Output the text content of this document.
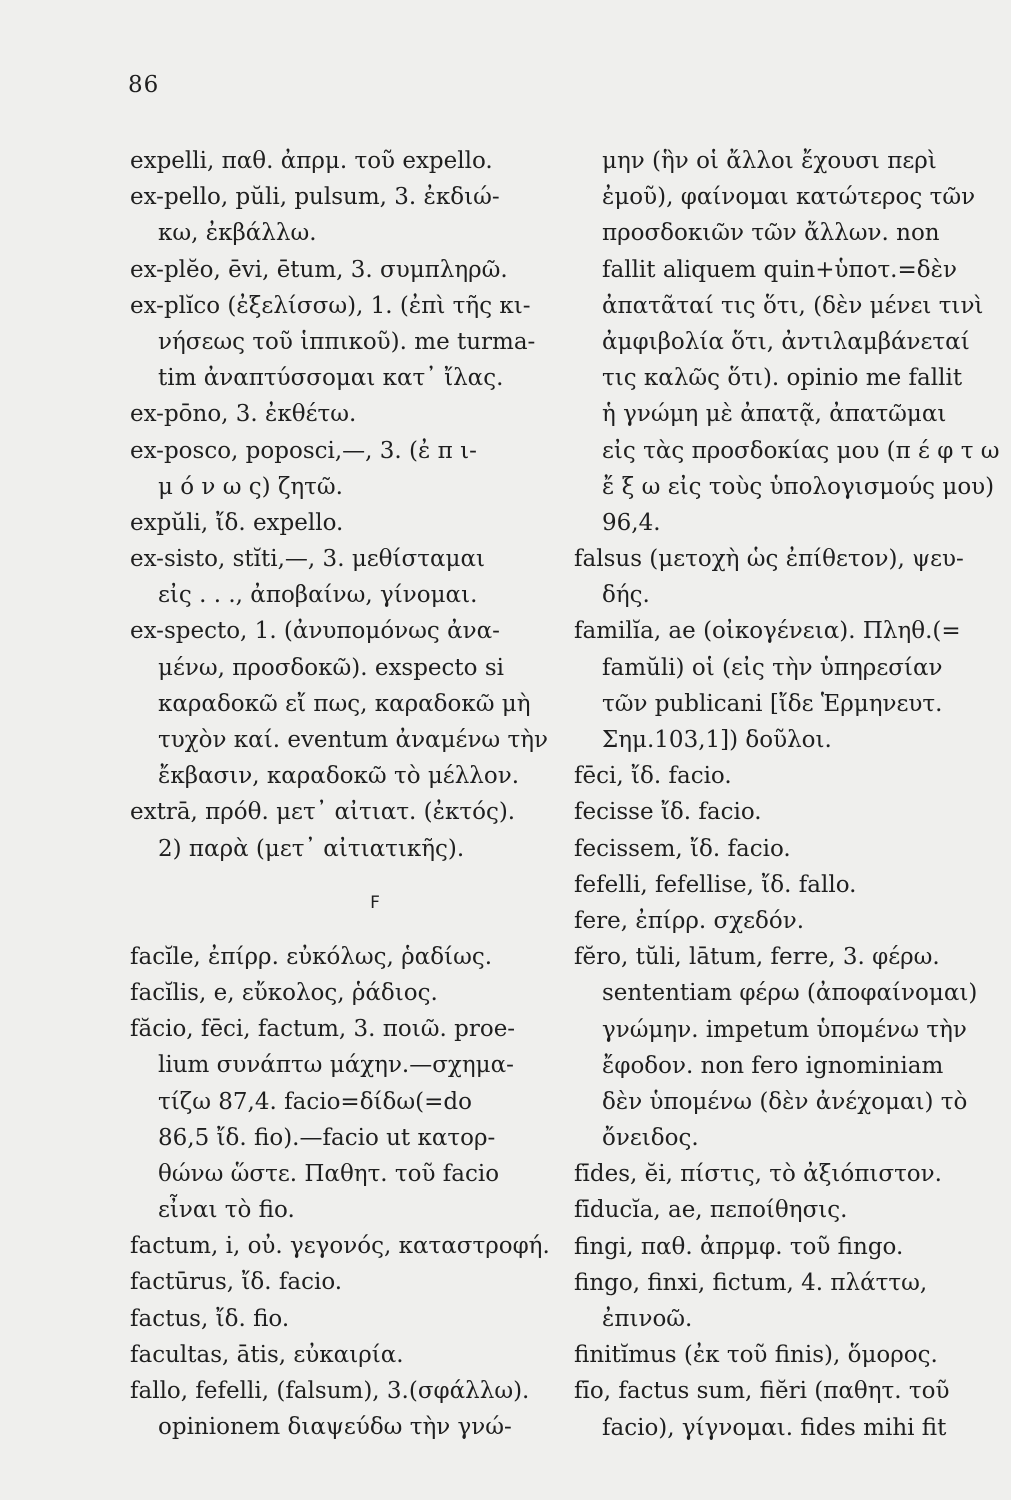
86
expelli, παθ. ἀπρμ. τοῦ expello.
ex-pello, pŭli, pulsum, 3. ἐκδιώ-
κω, ἐκβάλλω.
ex-plĕo, ēvi, ētum, 3. συμπληρῶ.
ex-plĭco (ἐξελίσσω), 1. (ἐπὶ τῆς κι-
νήσεως τοῦ ἱππικοῦ). me turma-
tim ἀναπτύσσομαι κατ᾿ ἴλας.
ex-pōno, 3. ἐκθέτω.
ex-posco, poposci,—, 3. (ἐ π ι-
μ ό ν ω ς) ζητῶ.
expŭli, ἴδ. expello.
ex-sisto, stĭti,—, 3. μεθίσταμαι
εἰς . . ., ἀποβαίνω, γίνομαι.
ex-specto, 1. (ἀνυπομόνως ἀνα-
μένω, προσδοκῶ). exspecto si
καραδοκῶ εἴ πως, καραδοκῶ μὴ
τυχὸν καί. eventum ἀναμένω τὴν
ἔκβασιν, καραδοκῶ τὸ μέλλον.
extrā, πρόθ. μετ᾿ αἰτιατ. (ἐκτός).
2) παρὰ (μετ᾿ αἰτιατικῆς).
F
facĭle, ἐπίρρ. εὐκόλως, ῥαδίως.
facĭlis, e, εὔκολος, ῥάδιος.
făcio, fēci, factum, 3. ποιῶ. proe-
lium συνάπτω μάχην.—σχημα-
τίζω 87,4. facio=δίδω(=do
86,5 ἴδ. fio).—facio ut κατορ-
θώνω ὥστε. Παθητ. τοῦ facio
εἶναι τὸ fio.
factum, i, οὐ. γεγονός, καταστροφή.
factūrus, ἴδ. facio.
factus, ἴδ. fio.
facultas, ātis, εὐκαιρία.
fallo, fefelli, (falsum), 3.(σφάλλω).
opinionem διαψεύδω τὴν γνώ-
μην (ἣν οἱ ἄλλοι ἔχουσι περὶ
ἐμοῦ), φαίνομαι κατώτερος τῶν
προσδοκιῶν τῶν ἄλλων. non
fallit aliquem quin+ὑποτ.=δὲν
ἀπατᾶταί τις ὅτι, (δὲν μένει τινὶ
ἀμφιβολία ὅτι, ἀντιλαμβάνεταί
τις καλῶς ὅτι). opinio me fallit
ἡ γνώμη μὲ ἀπατᾷ, ἀπατῶμαι
εἰς τὰς προσδοκίας μου (π έ φ τ ω
ἔ ξ ω εἰς τοὺς ὑπολογισμούς μου)
96,4.
falsus (μετοχὴ ὡς ἐπίθετον), ψευ-
δής.
familĭa, ae (οἰκογένεια). Πληθ.(=
famŭli) οἱ (εἰς τὴν ὑπηρεσίαν
τῶν publicani [ἴδε Ἑρμηνευτ.
Σημ.103,1]) δοῦλοι.
fēci, ἴδ. facio.
fecisse ἴδ. facio.
fecissem, ἴδ. facio.
fefelli, fefellise, ἴδ. fallo.
fere, ἐπίρρ. σχεδόν.
fĕro, tŭli, lātum, ferre, 3. φέρω.
sententiam φέρω (ἀποφαίνομαι)
γνώμην. impetum ὑπομένω τὴν
ἔφοδον. non fero ignominiam
δὲν ὑπομένω (δὲν ἀνέχομαι) τὸ
ὄνειδος.
fīdes, ĕi, πίστις, τὸ ἀξιόπιστον.
fīducĭa, ae, πεποίθησις.
fingi, παθ. ἀπρμφ. τοῦ fingo.
fingo, finxi, fictum, 4. πλάττω,
ἐπινοῶ.
finitĭmus (ἐκ τοῦ finis), ὅμορος.
fīo, factus sum, fiĕri (παθητ. τοῦ
facio), γίγνομαι. fides mihi fit
